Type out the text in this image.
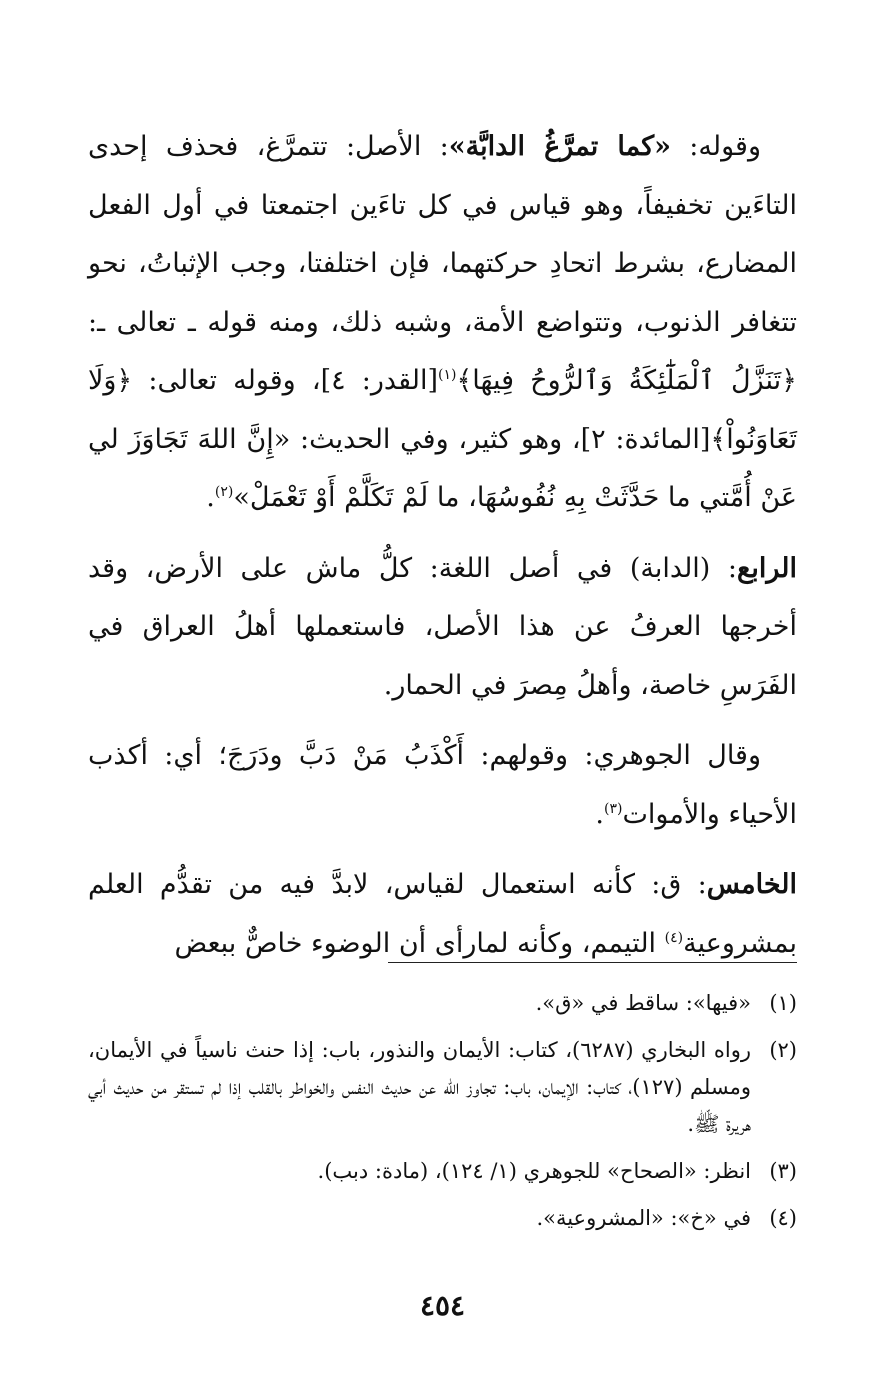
وقوله: «كما تمرَّغُ الدابَّة»: الأصل: تتمرَّغ، فحذف إحدى التاءَين تخفيفاً، وهو قياس في كل تاءَين اجتمعتا في أول الفعل المضارع، بشرط اتحادِ حركتهما، فإن اختلفتا، وجب الإثباتُ، نحو تتغافر الذنوب، وتتواضع الأمة، وشبه ذلك، ومنه قوله ـ تعالى ـ: ﴿تَنَزَّلُ ٱلْمَلَٰٓئِكَةُ وَٱلرُّوحُ فِيهَا﴾$^{(١)}$[القدر: ٤]، وقوله تعالى: ﴿وَلَا تَعَاوَنُواْ﴾[المائدة: ٢]، وهو كثير، وفي الحديث: «إِنَّ اللهَ تَجَاوَزَ لي عَنْ أُمَّتي ما حَدَّثَتْ بِهِ نُفُوسُهَا، ما لَمْ تَكَلَّمْ أَوْ تَعْمَلْ»$^{(٢)}$.

الرابع: (الدابة) في أصل اللغة: كلُّ ماش على الأرض، وقد أخرجها العرفُ عن هذا الأصل، فاستعملها أهلُ العراق في الفَرَسِ خاصة، وأهلُ مِصرَ في الحمار.

وقال الجوهري: وقولهم: أَكْذَبُ مَنْ دَبَّ ودَرَجَ؛ أي: أكذب الأحياء والأموات$^{(٣)}$.

الخامس: ق: كأنه استعمال لقياس، لابدَّ فيه من تقدُّم العلم بمشروعية$^{(٤)}$ التيمم، وكأنه لمارأى أن الوضوء خاصٌّ ببعض

(١)
«فيها»: ساقط في «ق».
(٢)
رواه البخاري (٦٢٨٧)، كتاب: الأيمان والنذور، باب: إذا حنث ناسياً في الأيمان، ومسلم (١٢٧)، كتاب: الإيمان، باب: تجاوز الله عن حديث النفس والخواطر بالقلب إذا لم تستقر من حديث أبي هريرة ﷺ.
(٣)
انظر: «الصحاح» للجوهري (١/ ١٢٤)، (مادة: دبب).
(٤)
في «خ»: «المشروعية».
٤٥٤
